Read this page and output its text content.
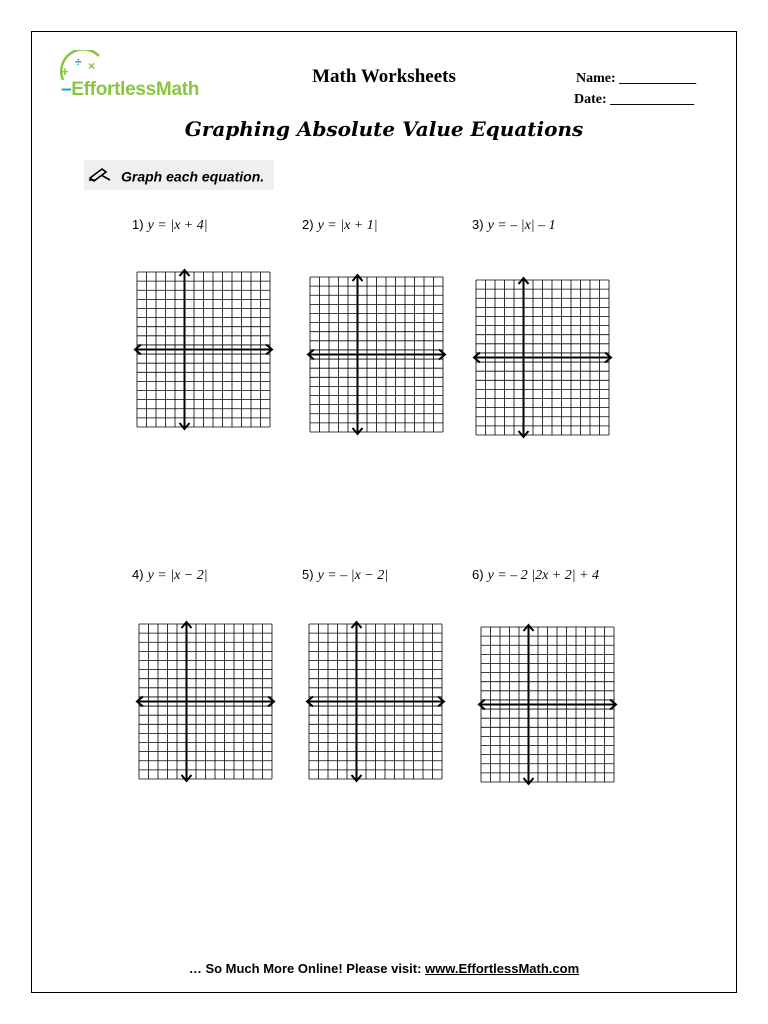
+
÷ ×
–EffortlessMath
Math Worksheets	Name: ___________
Date: ____________
Graphing Absolute Value Equations
Graph each equation.
1) y = |x + 4|	2) y = |x + 1|	3) y = – |x| – 1
4) y = |x − 2|	5) y = – |x − 2|	6) y = – 2 |2x + 2| + 4
… So Much More Online! Please visit: www.EffortlessMath.com
